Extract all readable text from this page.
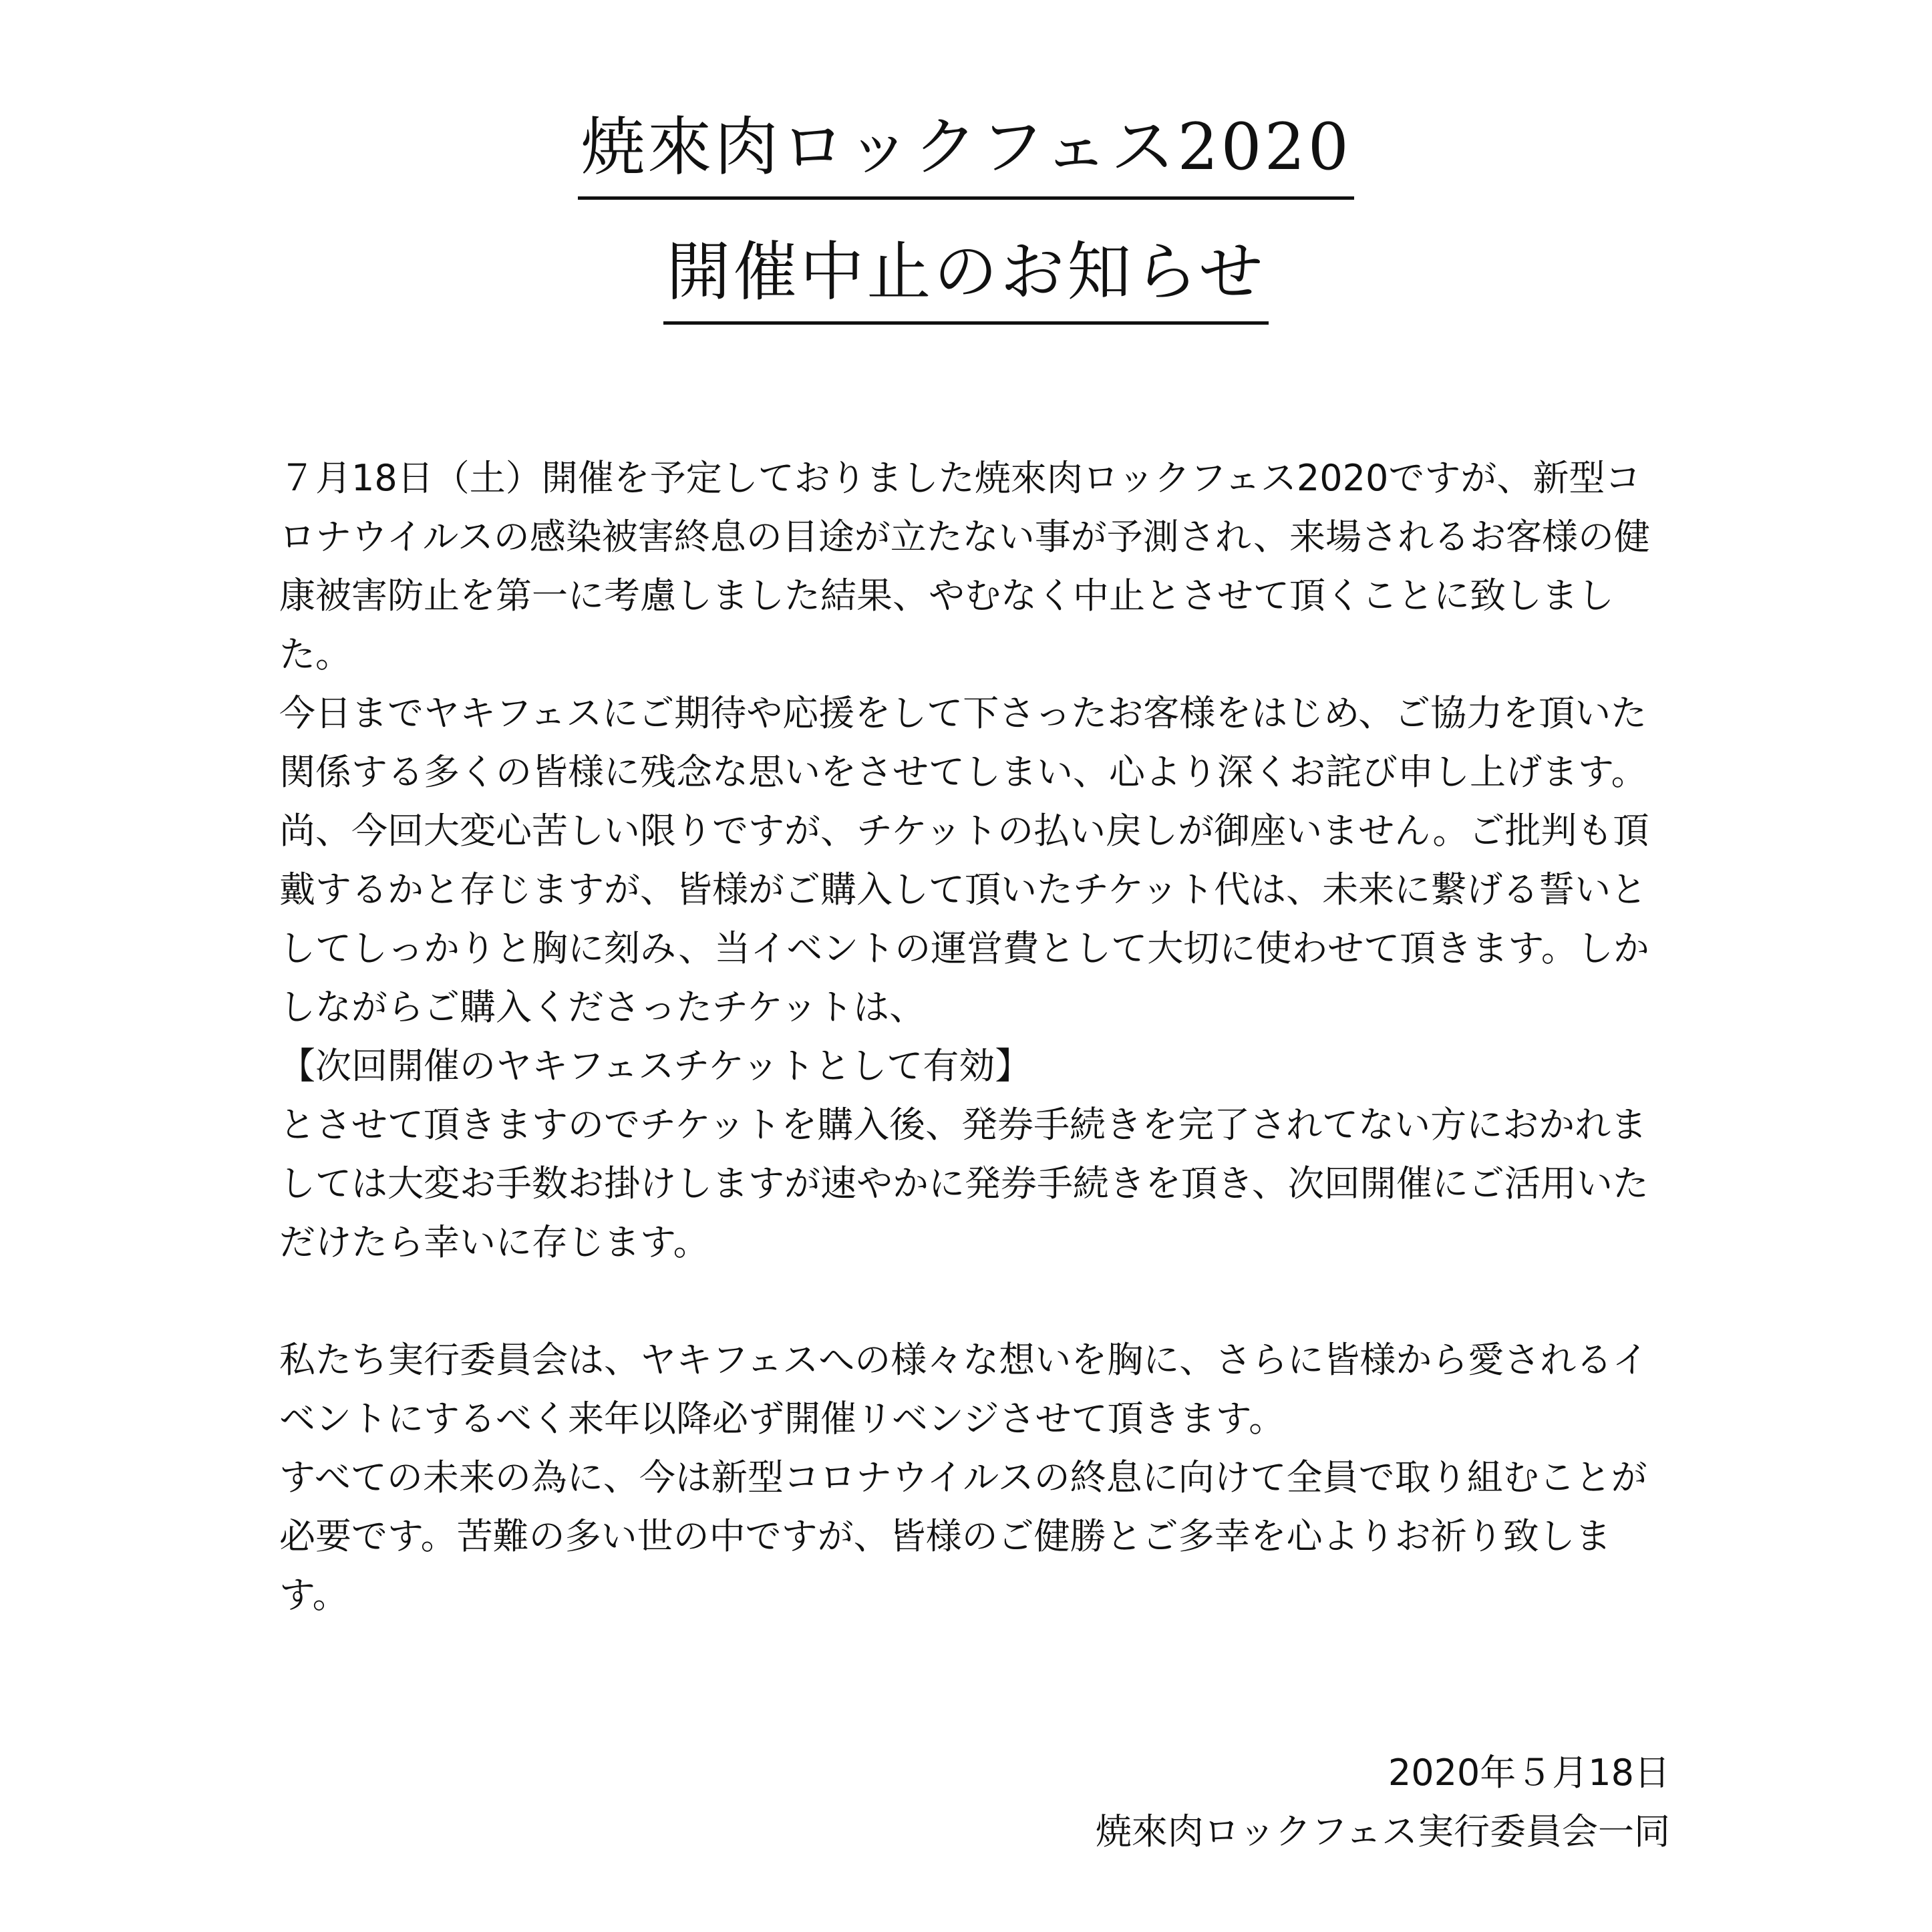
焼來肉ロックフェス2020
開催中止のお知らせ

７月18日（土）開催を予定しておりました焼來肉ロックフェス2020ですが、新型コロナウイルスの感染被害終息の目途が立たない事が予測され、来場されるお客様の健康被害防止を第一に考慮しました結果、やむなく中止とさせて頂くことに致しました。

今日までヤキフェスにご期待や応援をして下さったお客様をはじめ、ご協力を頂いた関係する多くの皆様に残念な思いをさせてしまい、心より深くお詫び申し上げます。

尚、今回大変心苦しい限りですが、チケットの払い戻しが御座いません。ご批判も頂戴するかと存じますが、皆様がご購入して頂いたチケット代は、未来に繋げる誓いとしてしっかりと胸に刻み、当イベントの運営費として大切に使わせて頂きます。しかしながらご購入くださったチケットは、

【次回開催のヤキフェスチケットとして有効】

とさせて頂きますのでチケットを購入後、発券手続きを完了されてない方におかれましては大変お手数お掛けしますが速やかに発券手続きを頂き、次回開催にご活用いただけたら幸いに存じます。

私たち実行委員会は、ヤキフェスへの様々な想いを胸に、さらに皆様から愛されるイベントにするべく来年以降必ず開催リベンジさせて頂きます。

すべての未来の為に、今は新型コロナウイルスの終息に向けて全員で取り組むことが必要です。苦難の多い世の中ですが、皆様のご健勝とご多幸を心よりお祈り致します。

2020年５月18日
焼來肉ロックフェス実行委員会一同
